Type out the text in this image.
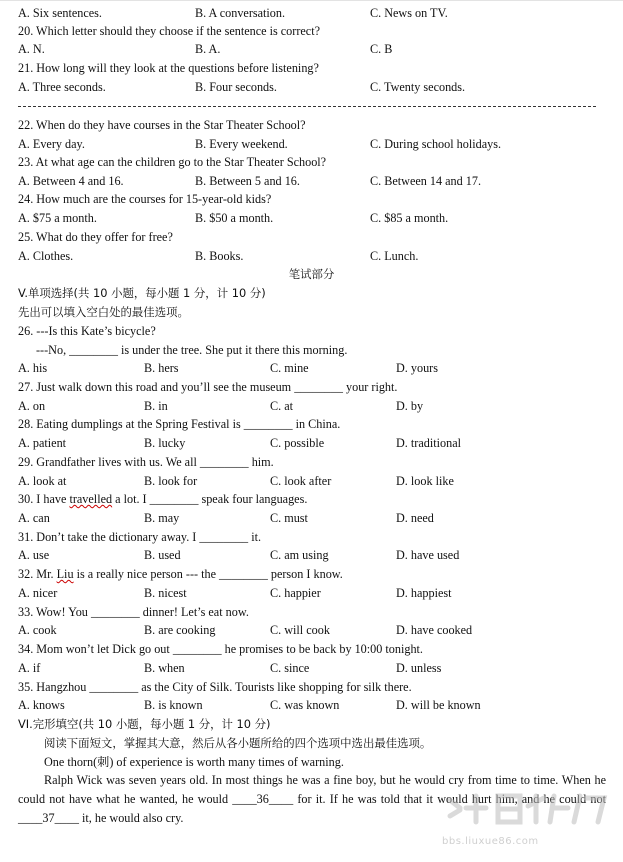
A. Six sentences.	B. A conversation.	C. News on TV.
20. Which letter should they choose if the sentence is correct?
A. N.	B. A.	C. B
21. How long will they look at the questions before listening?
A. Three seconds.	B. Four seconds.	C. Twenty seconds.
22. When do they have courses in the Star Theater School?
A. Every day.	B. Every weekend.	C. During school holidays.
23. At what age can the children go to the Star Theater School?
A. Between 4 and 16.	B. Between 5 and 16.	C. Between 14 and 17.
24. How much are the courses for 15-year-old kids?
A. $75 a month.	B. $50 a month.	C. $85 a month.
25. What do they offer for free?
A. Clothes.	B. Books.	C. Lunch.
笔试部分
V.单项选择(共 10 小题，每小题 1 分，计 10 分)
先出可以填入空白处的最佳选项。
26. ---Is this Kate’s bicycle?
---No, ________ is under the tree. She put it there this morning.
A. his	B. hers	C. mine	D. yours
27. Just walk down this road and you’ll see the museum ________ your right.
A. on	B. in	C. at	D. by
28. Eating dumplings at the Spring Festival is ________ in China.
A. patient	B. lucky	C. possible	D. traditional
29. Grandfather lives with us. We all ________ him.
A. look at	B. look for	C. look after	D. look like
30. I have travelled a lot. I ________ speak four languages.
A. can	B. may	C. must	D. need
31. Don’t take the dictionary away. I ________ it.
A. use	B. used	C. am using	D. have used
32. Mr. Liu is a really nice person --- the ________ person I know.
A. nicer	B. nicest	C. happier	D. happiest
33. Wow! You ________ dinner! Let’s eat now.
A. cook	B. are cooking	C. will cook	D. have cooked
34. Mom won’t let Dick go out ________ he promises to be back by 10:00 tonight.
A. if	B. when	C. since	D. unless
35. Hangzhou ________ as the City of Silk. Tourists like shopping for silk there.
A. knows	B. is known	C. was known	D. will be known
VI.完形填空(共 10 小题，每小题 1 分，计 10 分)
阅读下面短文，掌握其大意，然后从各小题所给的四个选项中选出最佳选项。
One thorn(刺) of experience is worth many times of warning.
Ralph Wick was seven years old. In most things he was a fine boy, but he would cry from time to time. When he could not have what he wanted, he would ____36____ for it. If he was told that it would hurt him, and he could not ____37____ it, he would also cry.
bbs.liuxue86.com
